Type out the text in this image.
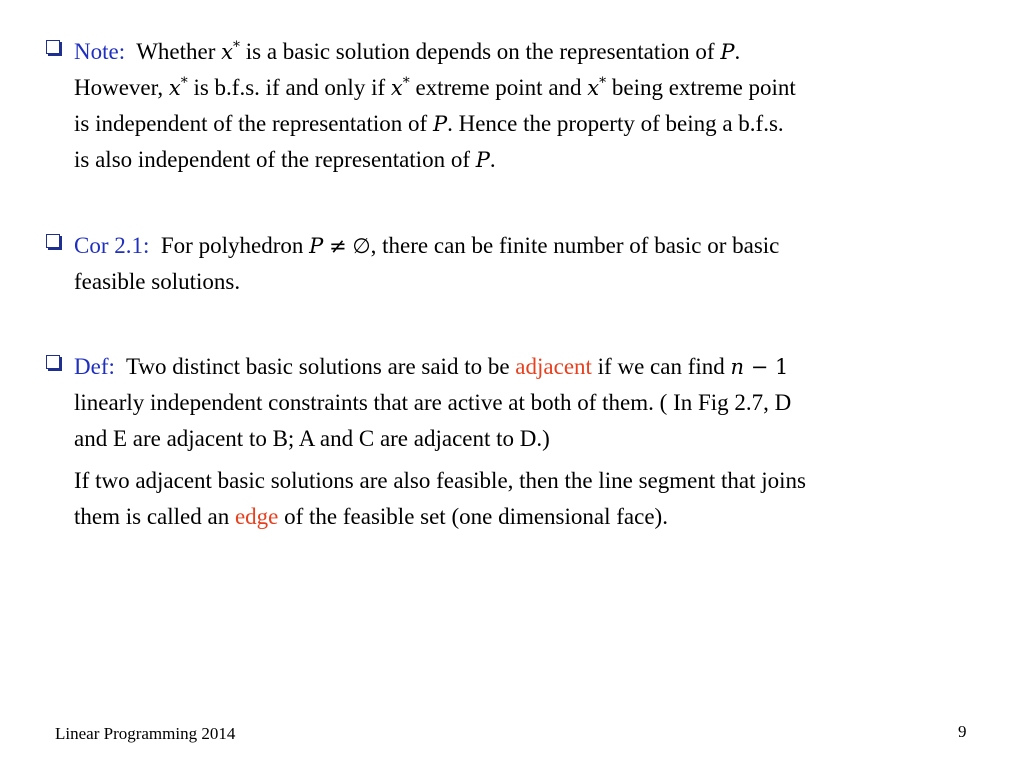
Note: Whether x* is a basic solution depends on the representation of P.
However, x* is b.f.s. if and only if x* extreme point and x* being extreme point
is independent of the representation of P. Hence the property of being a b.f.s.
is also independent of the representation of P.
Cor 2.1: For polyhedron P ≠ ∅, there can be finite number of basic or basic
feasible solutions.
Def: Two distinct basic solutions are said to be adjacent if we can find n − 1
linearly independent constraints that are active at both of them. ( In Fig 2.7, D
and E are adjacent to B; A and C are adjacent to D.)
If two adjacent basic solutions are also feasible, then the line segment that joins
them is called an edge of the feasible set (one dimensional face).
Linear Programming 2014	9
